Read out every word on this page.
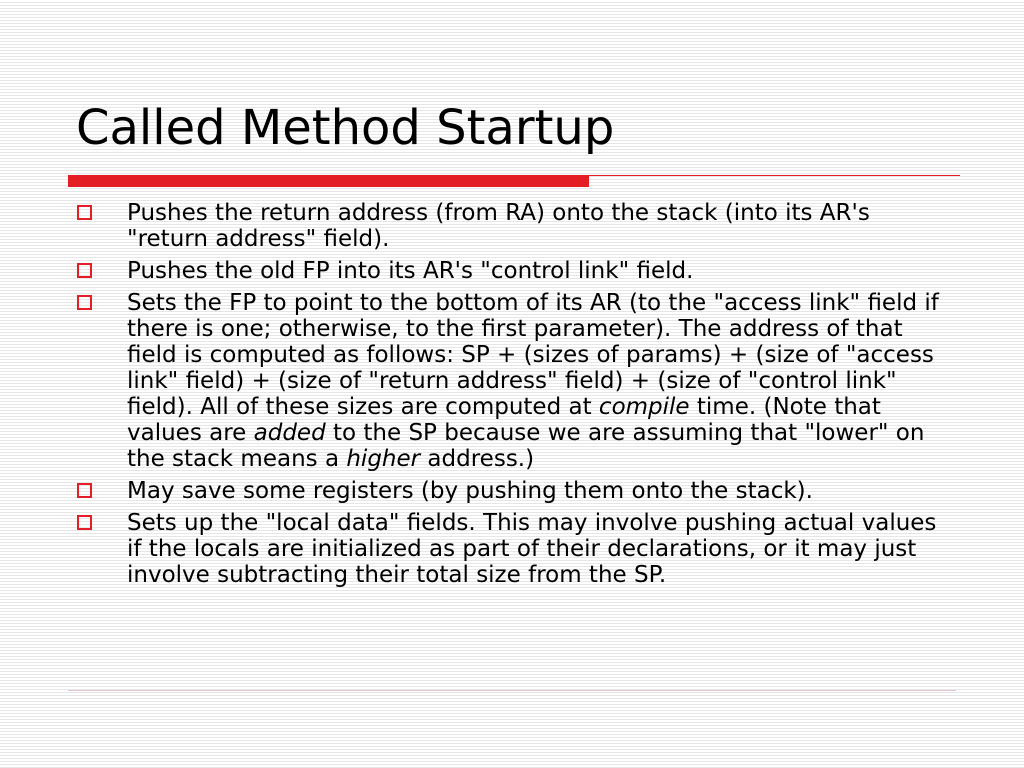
Called Method Startup
Pushes the return address (from RA) onto the stack (into its AR's "return address" field).
Pushes the old FP into its AR's "control link" field.
Sets the FP to point to the bottom of its AR (to the "access link" field if there is one; otherwise, to the first parameter). The address of that field is computed as follows: SP + (sizes of params) + (size of "access link" field) + (size of "return address" field) + (size of "control link" field). All of these sizes are computed at compile time. (Note that values are added to the SP because we are assuming that "lower" on the stack means a higher address.)
May save some registers (by pushing them onto the stack).
Sets up the "local data" fields. This may involve pushing actual values if the locals are initialized as part of their declarations, or it may just involve subtracting their total size from the SP.
